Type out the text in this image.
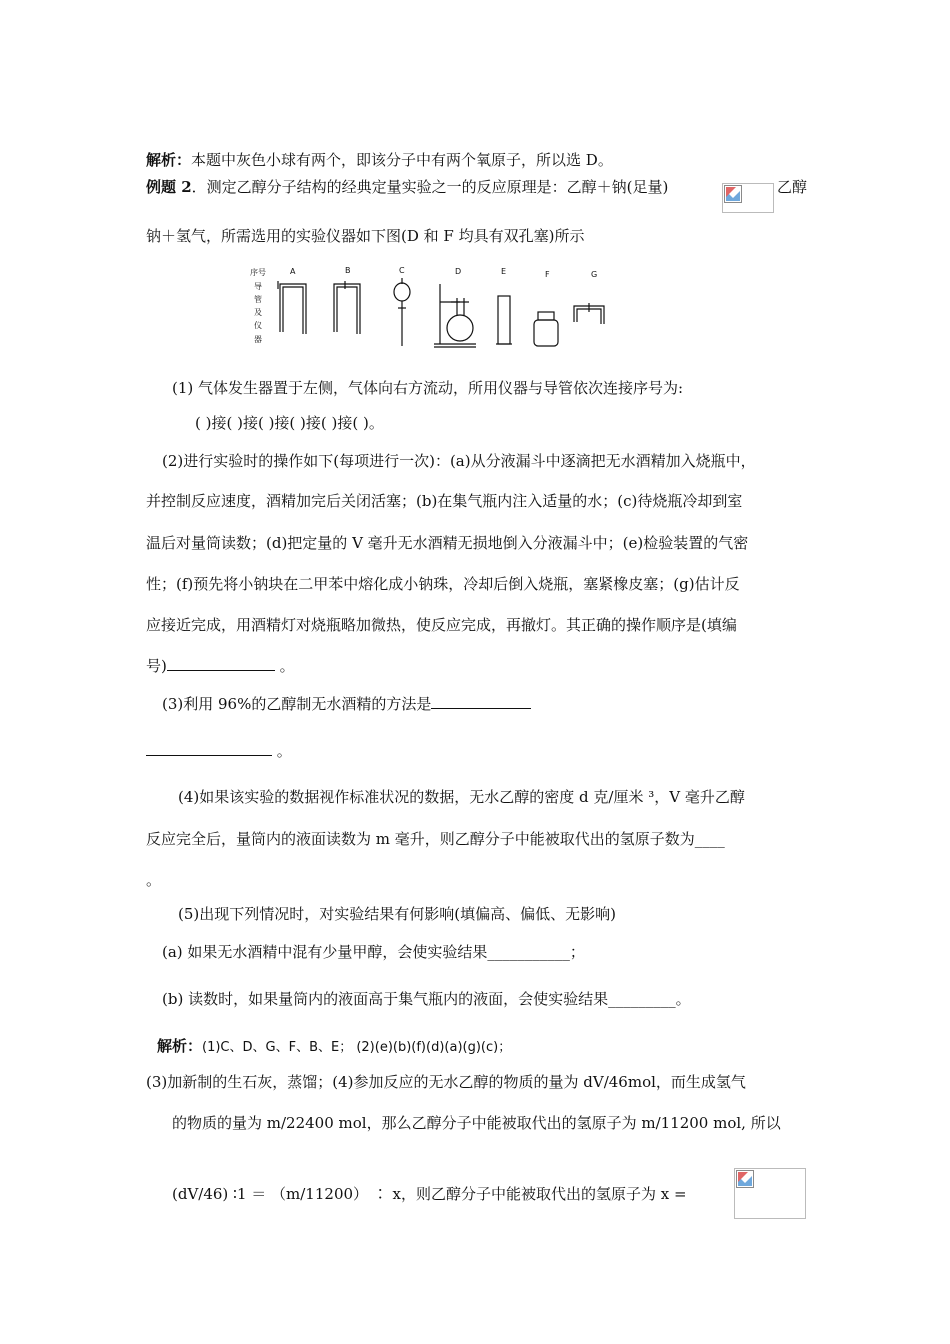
解析：本题中灰色小球有两个，即该分子中有两个氧原子，所以选 D。
例题 2．测定乙醇分子结构的经典定量实验之一的反应原理是：乙醇＋钠(足量)	乙醇
钠＋氢气，所需选用的实验仪器如下图(D 和 F 均具有双孔塞)所示
序号
导
管
及
仪
器
A	B	C	D	E	F	G
(1) 气体发生器置于左侧，气体向右方流动，所用仪器与导管依次连接序号为:
( )接( )接( )接( )接( )接( )。
(2)进行实验时的操作如下(每项进行一次)：(a)从分液漏斗中逐滴把无水酒精加入烧瓶中，
并控制反应速度，酒精加完后关闭活塞；(b)在集气瓶内注入适量的水；(c)待烧瓶冷却到室
温后对量筒读数；(d)把定量的 V 毫升无水酒精无损地倒入分液漏斗中；(e)检验装置的气密
性；(f)预先将小钠块在二甲苯中熔化成小钠珠，冷却后倒入烧瓶，塞紧橡皮塞；(g)估计反
应接近完成，用酒精灯对烧瓶略加微热，使反应完成，再撤灯。其正确的操作顺序是(填编
号)	。
(3)利用 96%的乙醇制无水酒精的方法是
。
(4)如果该实验的数据视作标准状况的数据，无水乙醇的密度 d 克/厘米 ³，V 毫升乙醇
反应完全后，量筒内的液面读数为 m 毫升，则乙醇分子中能被取代出的氢原子数为____
。
(5)出现下列情况时，对实验结果有何影响(填偏高、偏低、无影响)
(a) 如果无水酒精中混有少量甲醇，会使实验结果___________；
(b) 读数时，如果量筒内的液面高于集气瓶内的液面，会使实验结果_________。
解析：(1)C、D、G、F、B、E； (2)(e)(b)(f)(d)(a)(g)(c)；
(3)加新制的生石灰，蒸馏；(4)参加反应的无水乙醇的物质的量为 dV/46mol，而生成氢气
的物质的量为 m/22400 mol，那么乙醇分子中能被取代出的氢原子为 m/11200 mol, 所以
(dV/46) ∶1 ＝ （m/11200） ∶ x，则乙醇分子中能被取代出的氢原子为 x =
